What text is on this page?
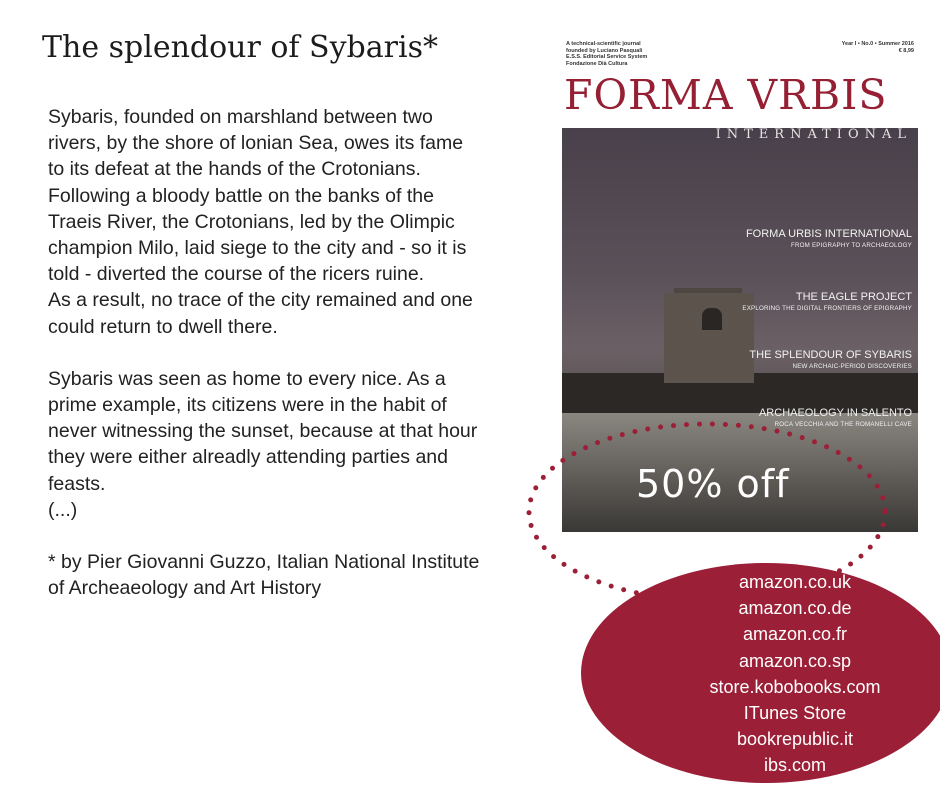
The splendour of Sybaris*
Sybaris, founded on marshland between two
rivers, by the shore of lonian Sea, owes its fame
to its defeat at the hands of the Crotonians.
Following a bloody battle on the banks of the
Traeis River, the Crotonians, led by the Olimpic
champion Milo, laid siege to the city and - so it is
told - diverted the course of the ricers ruine.
As a result, no trace of the city remained and one
could return to dwell there.
Sybaris was seen as home to every nice. As a
prime example, its citizens were in the habit of
never witnessing the sunset, because at that hour
they were either alreadly attending parties and
feasts.
(...)
* by Pier Giovanni Guzzo, Italian National Institute
of Archeaeology and Art History
A technical-scientific journal
founded by Luciano Pasquali
E.S.S. Editorial Service System
Fondazione Dià Cultura
Year I • No.0 • Summer 2016
€ 8,99
FORMA VRBIS
INTERNATIONAL
FORMA URBIS INTERNATIONAL
FROM EPIGRAPHY TO ARCHAEOLOGY
THE EAGLE PROJECT
EXPLORING THE DIGITAL FRONTIERS OF EPIGRAPHY
THE SPLENDOUR OF SYBARIS
NEW ARCHAIC-PERIOD DISCOVERIES
ARCHAEOLOGY IN SALENTO
ROCA VECCHIA AND THE ROMANELLI CAVE
50% off
amazon.co.uk
amazon.co.de
amazon.co.fr
amazon.co.sp
store.kobobooks.com
ITunes Store
bookrepublic.it
ibs.com
